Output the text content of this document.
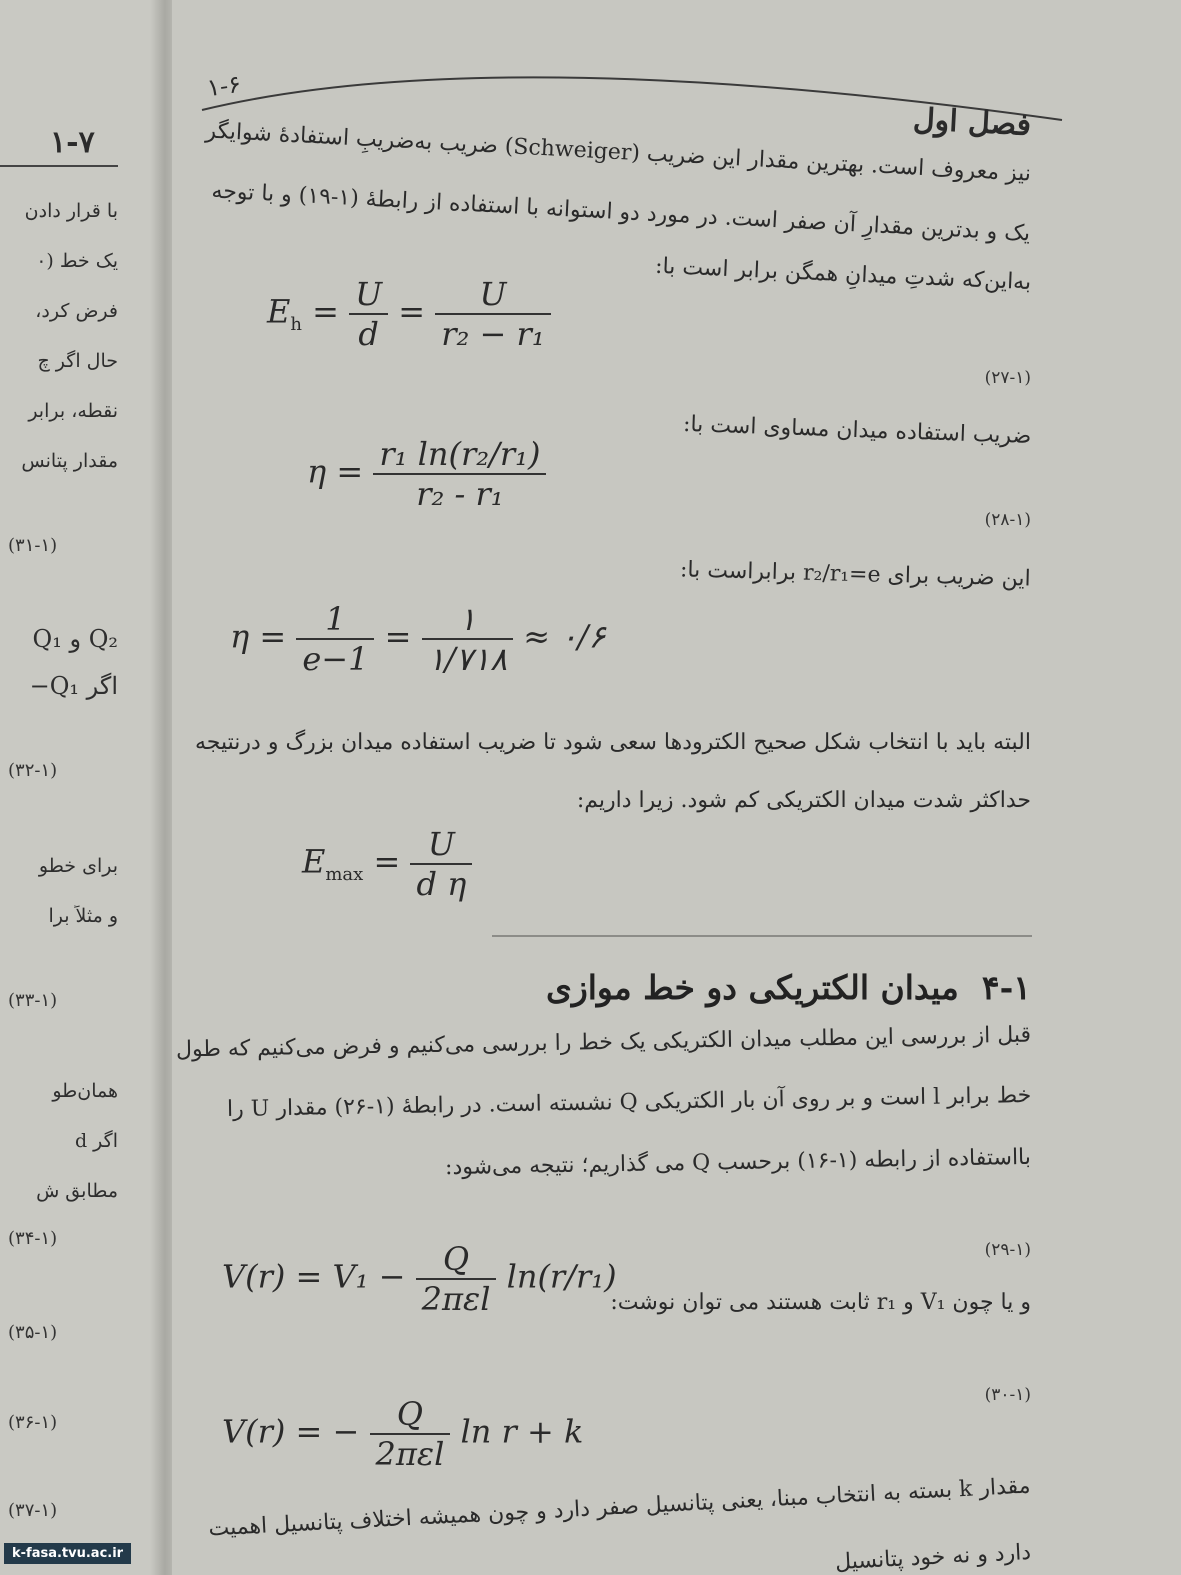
۱-۷
با قرار دادن
یک خط (۰
فرض کرد،
حال اگر چ
نقطه، برابر
مقدار پتانس
(۳۱-۱)
Q₂ و Q₁
اگر Q₁−
(۳۲-۱)
برای خطو
و مثلاً برا
(۳۳-۱)
همان‌طو
اگر d
مطابق ش
(۳۴-۱)
(۳۵-۱)
(۳۶-۱)
(۳۷-۱)
۱-۶
فصل اول
نیز معروف است. بهترین مقدار این ضریب (Schweiger) ضریب به‌ضریبِ استفادهٔ شوایگر
یک و بدترین مقدارِ آن صفر است. در مورد دو استوانه با استفاده از رابطهٔ (۱-۱۹) و با توجه
به‌این‌که شدتِ میدانِ همگن برابر است با:
$E_h = \frac{U}{d} = \frac{U}{\text{r₂ − r₁}}$
(۲۷-۱)
ضریب استفاده میدان مساوی است با:
$\eta = \frac{\text{r₁ ln(r₂/r₁)}}{\text{r₂ - r₁}}$
(۲۸-۱)
این ضریب برای r₂/r₁=e برابراست با:
$\eta = \frac{1}{e-1} = \frac{۱}{۱/۷۱۸}$ ≈ ۰/۶
البته باید با انتخاب شکل صحیح الکترودها سعی شود تا ضریب استفاده میدان بزرگ و درنتیجه
حداکثر شدت میدان الکتریکی کم شود. زیرا داریم:
$E_{max} = \frac{U}{\text{d η}}$
۴-۱  میدان الکتریکی دو خط موازی
قبل از بررسی این مطلب میدان الکتریکی یک خط را بررسی می‌کنیم و فرض می‌کنیم که طول
خط برابر l است و بر روی آن بار الکتریکی Q نشسته است. در رابطهٔ (۱-۲۶) مقدار U را
بااستفاده از رابطه (۱-۱۶) برحسب Q می گذاریم؛ نتیجه می‌شود:
(۲۹-۱)
$V(r) = V_1 - \frac{Q}{\text{2πεl}} \ln(r/r_1)$
و یا چون V₁ و r₁ ثابت هستند می توان نوشت:
(۳۰-۱)
V(r) = − $\frac{Q}{\text{2πεl}}$ ln r + k
مقدار k بسته به انتخاب مبنا، یعنی پتانسیل صفر دارد و چون همیشه اختلاف پتانسیل اهمیت
دارد و نه خود پتانسیل
k-fasa.tvu.ac.ir
